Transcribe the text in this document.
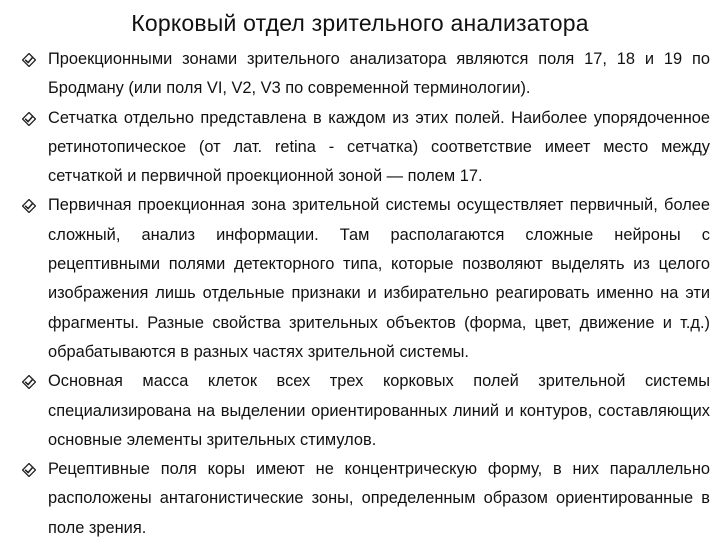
Корковый отдел зрительного анализатора
Проекционными зонами зрительного анализатора являются поля 17, 18 и 19 по Бродману (или поля VI, V2, V3 по современной терминологии).
Сетчатка отдельно представлена в каждом из этих полей. Наиболее упорядоченное ретинотопическое (от лат. retina - сетчатка) соответствие имеет место между сетчаткой и первичной проекционной зоной — полем 17.
Первичная проекционная зона зрительной системы осуществляет первичный, более сложный, анализ информации. Там располагаются сложные нейроны с рецептивными полями детекторного типа, которые позволяют выделять из целого изображения лишь отдельные признаки и избирательно реагировать именно на эти фрагменты. Разные свойства зрительных объектов (форма, цвет, движение и т.д.) обрабатываются в разных частях зрительной системы.
Основная масса клеток всех трех корковых полей зрительной системы специализирована на выделении ориентированных линий и контуров, составляющих основные элементы зрительных стимулов.
Рецептивные поля коры имеют не концентрическую форму, в них параллельно расположены антагонистические зоны, определенным образом ориентированные в поле зрения.
